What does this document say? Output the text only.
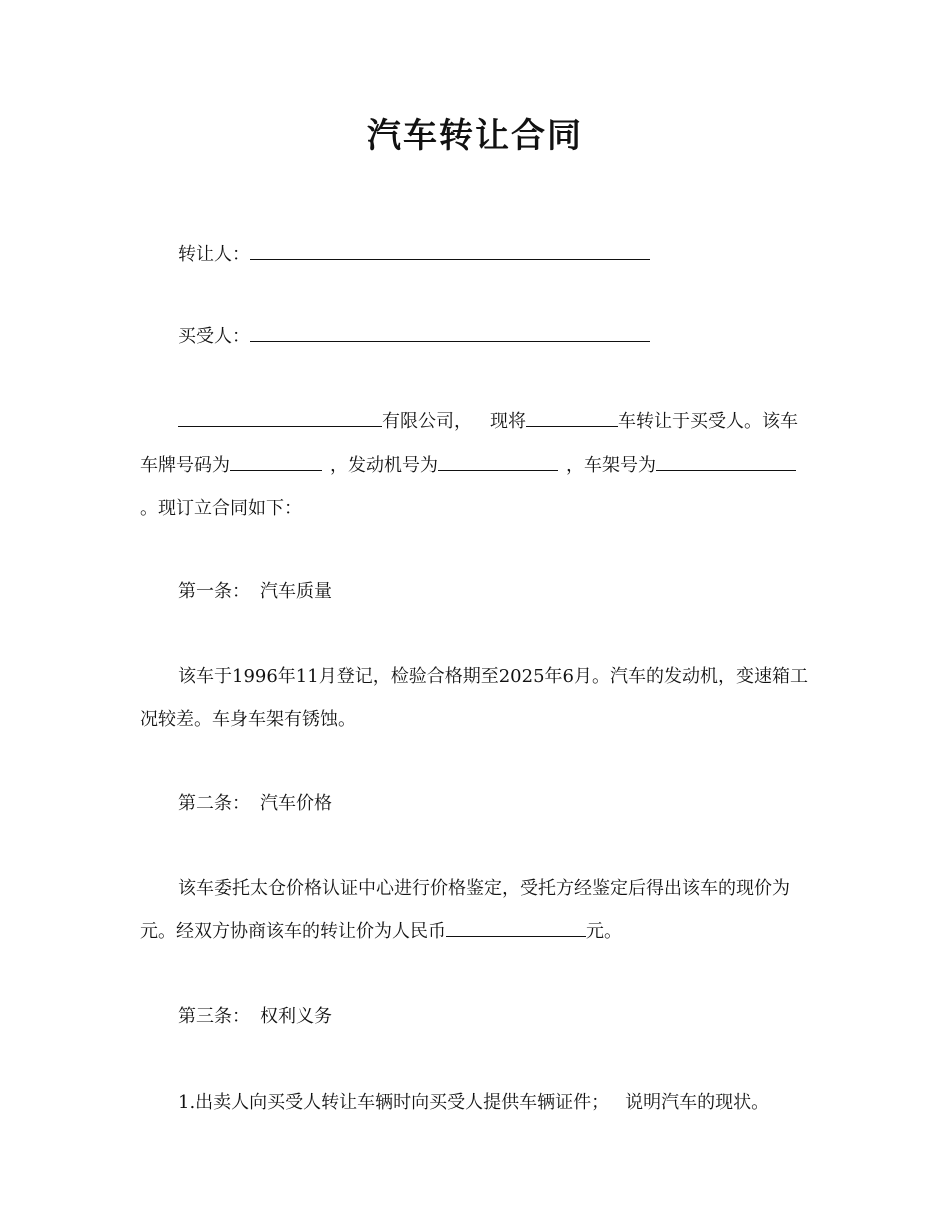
汽车转让合同
转让人：
买受人：
有限公司， 现将	车转让于买受人。该车
车牌号码为	，发动机号为	，车架号为
。现订立合同如下：
第一条： 汽车质量
该车于1996年11月登记，检验合格期至2025年6月。汽车的发动机，变速箱工
况较差。车身车架有锈蚀。
第二条： 汽车价格
该车委托太仓价格认证中心进行价格鉴定，受托方经鉴定后得出该车的现价为
元。经双方协商该车的转让价为人民币	元。
第三条： 权利义务
1.出卖人向买受人转让车辆时向买受人提供车辆证件； 说明汽车的现状。
